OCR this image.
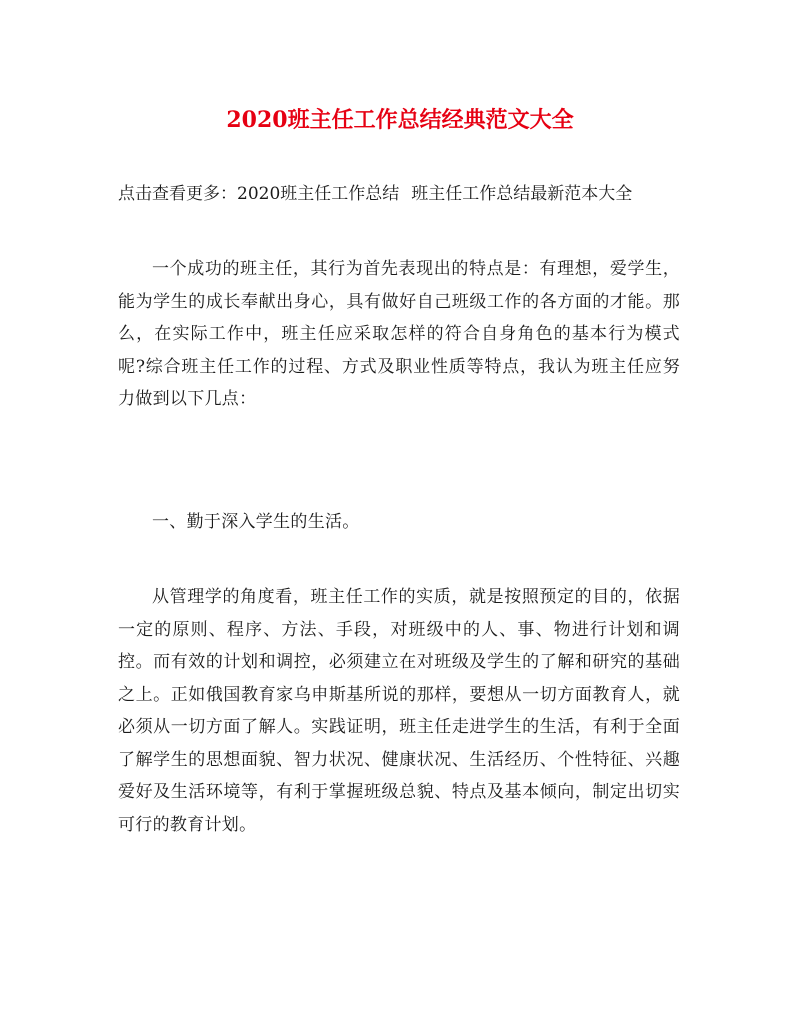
2020班主任工作总结经典范文大全

点击查看更多：2020班主任工作总结 班主任工作总结最新范本大全

一个成功的班主任，其行为首先表现出的特点是：有理想，爱学生，能为学生的成长奉献出身心，具有做好自己班级工作的各方面的才能。那么，在实际工作中，班主任应采取怎样的符合自身角色的基本行为模式呢?综合班主任工作的过程、方式及职业性质等特点，我认为班主任应努力做到以下几点：

一、勤于深入学生的生活。

从管理学的角度看，班主任工作的实质，就是按照预定的目的，依据一定的原则、程序、方法、手段，对班级中的人、事、物进行计划和调控。而有效的计划和调控，必须建立在对班级及学生的了解和研究的基础之上。正如俄国教育家乌申斯基所说的那样，要想从一切方面教育人，就必须从一切方面了解人。实践证明，班主任走进学生的生活，有利于全面了解学生的思想面貌、智力状况、健康状况、生活经历、个性特征、兴趣爱好及生活环境等，有利于掌握班级总貌、特点及基本倾向，制定出切实可行的教育计划。
